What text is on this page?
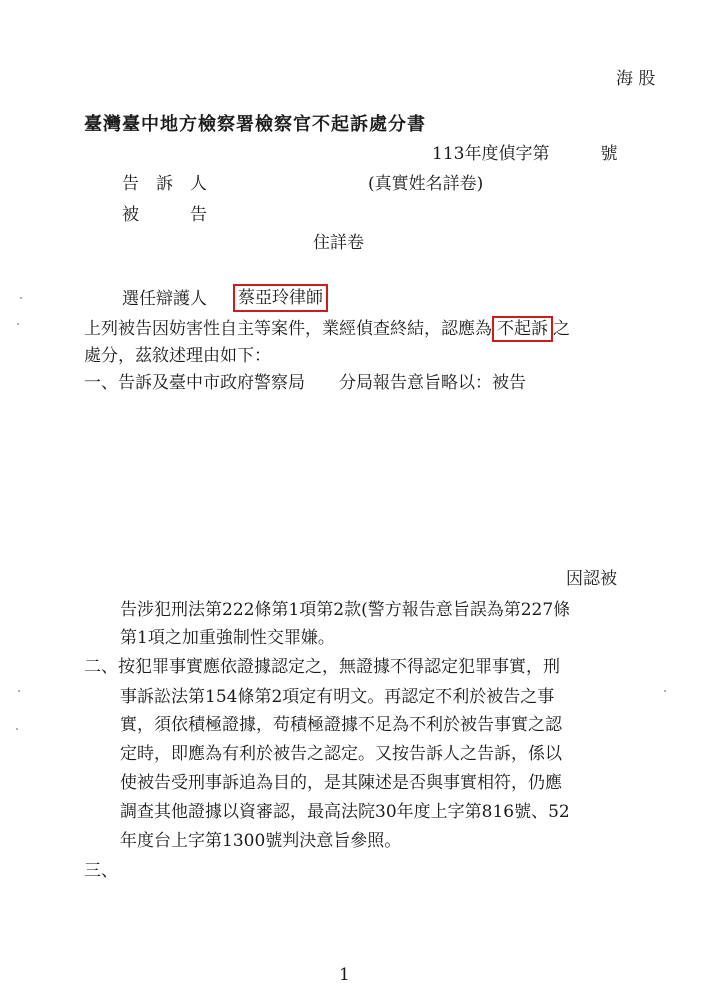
海 股
臺灣臺中地方檢察署檢察官不起訴處分書
113年度偵字第　　　號
告　訴　人	(真實姓名詳卷)
被　　　告
住詳卷
選任辯護人 蔡亞玲律師
上列被告因妨害性自主等案件，業經偵查終結，認應為 不起訴 之
處分，茲敘述理由如下：
一、告訴及臺中市政府警察局　　分局報告意旨略以：被告
因認被
告涉犯刑法第222條第1項第2款(警方報告意旨誤為第227條
第1項之加重強制性交罪嫌。
二、按犯罪事實應依證據認定之，無證據不得認定犯罪事實，刑
事訴訟法第154條第2項定有明文。再認定不利於被告之事
實，須依積極證據，苟積極證據不足為不利於被告事實之認
定時，即應為有利於被告之認定。又按告訴人之告訴，係以
使被告受刑事訴追為目的，是其陳述是否與事實相符，仍應
調查其他證據以資審認，最高法院30年度上字第816號、52
年度台上字第1300號判決意旨參照。
三、
1
